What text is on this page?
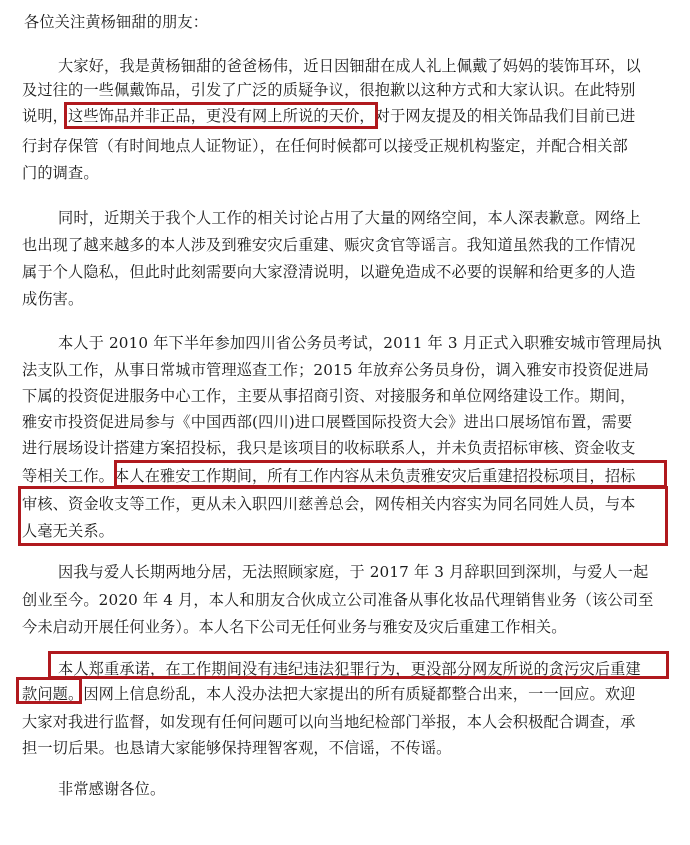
各位关注黄杨钿甜的朋友：
大家好，我是黄杨钿甜的爸爸杨伟，近日因钿甜在成人礼上佩戴了妈妈的装饰耳环，以
及过往的一些佩戴饰品，引发了广泛的质疑争议，很抱歉以这种方式和大家认识。在此特别
说明，这些饰品并非正品，更没有网上所说的天价，对于网友提及的相关饰品我们目前已进
行封存保管（有时间地点人证物证），在任何时候都可以接受正规机构鉴定，并配合相关部
门的调查。
同时，近期关于我个人工作的相关讨论占用了大量的网络空间，本人深表歉意。网络上
也出现了越来越多的本人涉及到雅安灾后重建、赈灾贪官等谣言。我知道虽然我的工作情况
属于个人隐私，但此时此刻需要向大家澄清说明，以避免造成不必要的误解和给更多的人造
成伤害。
本人于 2010 年下半年参加四川省公务员考试，2011 年 3 月正式入职雅安城市管理局执
法支队工作，从事日常城市管理巡查工作；2015 年放弃公务员身份，调入雅安市投资促进局
下属的投资促进服务中心工作，主要从事招商引资、对接服务和单位网络建设工作。期间，
雅安市投资促进局参与《中国西部(四川)进口展暨国际投资大会》进出口展场馆布置，需要
进行展场设计搭建方案招投标，我只是该项目的收标联系人，并未负责招标审核、资金收支
等相关工作。本人在雅安工作期间，所有工作内容从未负责雅安灾后重建招投标项目，招标
审核、资金收支等工作，更从未入职四川慈善总会，网传相关内容实为同名同姓人员，与本
人毫无关系。
因我与爱人长期两地分居，无法照顾家庭，于 2017 年 3 月辞职回到深圳，与爱人一起
创业至今。2020 年 4 月，本人和朋友合伙成立公司准备从事化妆品代理销售业务（该公司至
今未启动开展任何业务）。本人名下公司无任何业务与雅安及灾后重建工作相关。
本人郑重承诺，在工作期间没有违纪违法犯罪行为，更没部分网友所说的贪污灾后重建
款问题。因网上信息纷乱，本人没办法把大家提出的所有质疑都整合出来，一一回应。欢迎
大家对我进行监督，如发现有任何问题可以向当地纪检部门举报，本人会积极配合调查，承
担一切后果。也恳请大家能够保持理智客观，不信谣，不传谣。
非常感谢各位。
